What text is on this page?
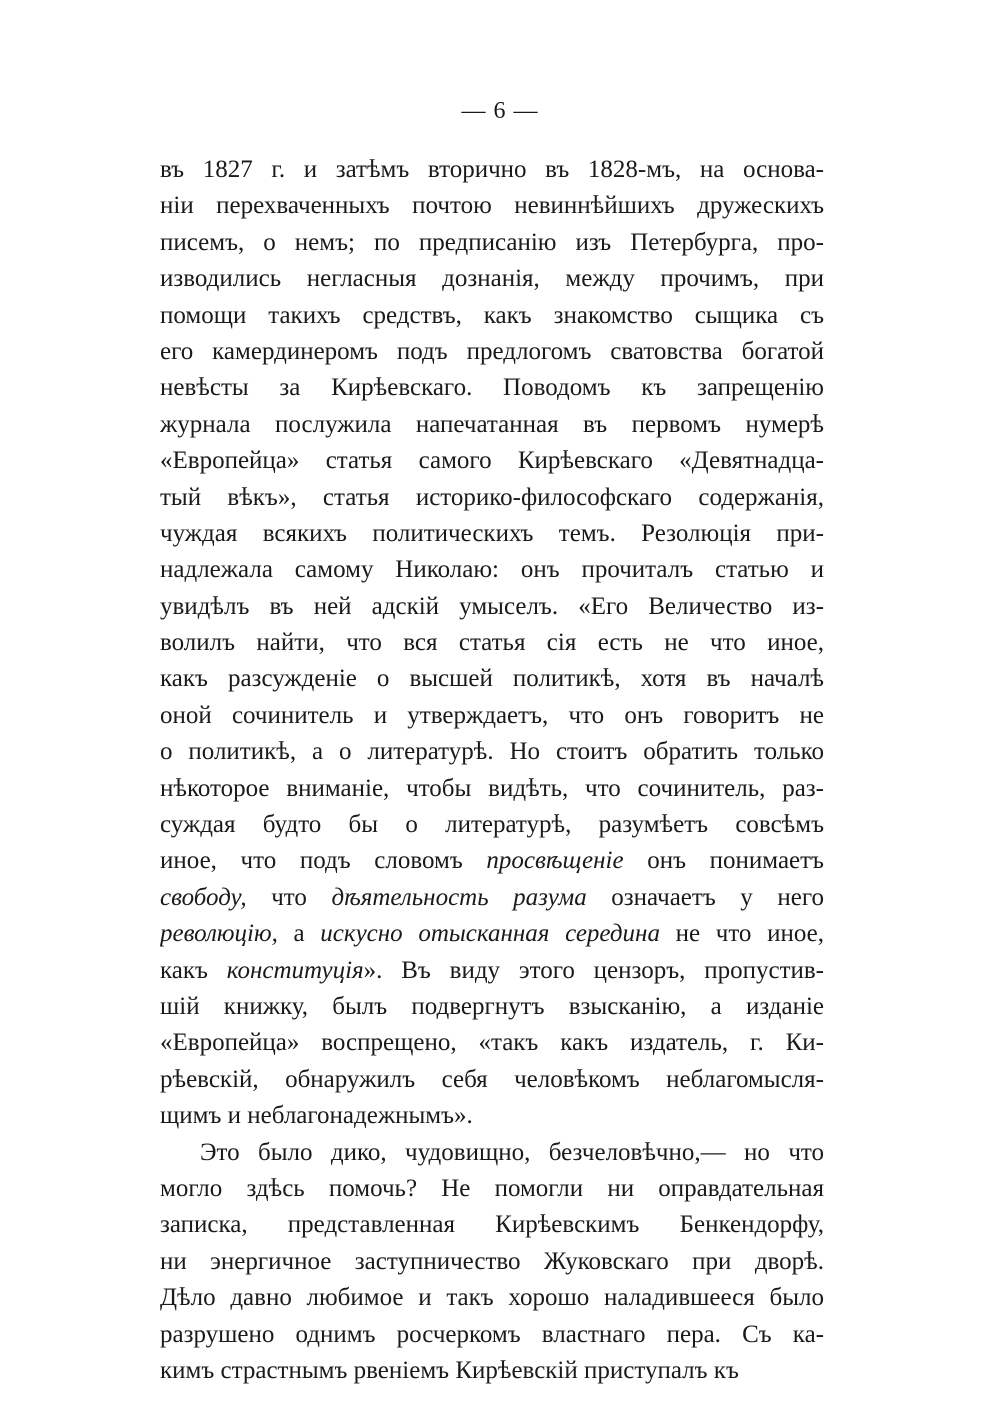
— 6 —
въ 1827 г. и затѣмъ вторично въ 1828-мъ, на основа-
ніи перехваченныхъ почтою невиннѣйшихъ дружескихъ
писемъ, о немъ; по предписанію изъ Петербурга, про-
изводились негласныя дознанія, между прочимъ, при
помощи такихъ средствъ, какъ знакомство сыщика съ
его камердинеромъ подъ предлогомъ сватовства богатой
невѣсты за Кирѣевскаго. Поводомъ къ запрещенію
журнала послужила напечатанная въ первомъ нумерѣ
«Европейца» статья самого Кирѣевскаго «Девятнадца-
тый вѣкъ», статья историко-философскаго содержанія,
чуждая всякихъ политическихъ темъ. Резолюція при-
надлежала самому Николаю: онъ прочиталъ статью и
увидѣлъ въ ней адскій умыселъ. «Его Величество из-
волилъ найти, что вся статья сія есть не что иное,
какъ разсужденіе о высшей политикѣ, хотя въ началѣ
оной сочинитель и утверждаетъ, что онъ говоритъ не
о политикѣ, а о литературѣ. Но стоитъ обратить только
нѣкоторое вниманіе, чтобы видѣть, что сочинитель, раз-
суждая будто бы о литературѣ, разумѣетъ совсѣмъ
иное, что подъ словомъ просвѣщеніе онъ понимаетъ
свободу, что дѣятельность разума означаетъ у него
революцію, а искусно отысканная середина не что иное,
какъ конституція». Въ виду этого цензоръ, пропустив-
шій книжку, былъ подвергнутъ взысканію, а изданіе
«Европейца» воспрещено, «такъ какъ издатель, г. Ки-
рѣевскій, обнаружилъ себя человѣкомъ неблагомысля-
щимъ и неблагонадежнымъ».
Это было дико, чудовищно, безчеловѣчно,— но что
могло здѣсь помочь? Не помогли ни оправдательная
записка, представленная Кирѣевскимъ Бенкендорфу,
ни энергичное заступничество Жуковскаго при дворѣ.
Дѣло давно любимое и такъ хорошо наладившееся было
разрушено однимъ росчеркомъ властнаго пера. Съ ка-
кимъ страстнымъ рвеніемъ Кирѣевскій приступалъ къ
